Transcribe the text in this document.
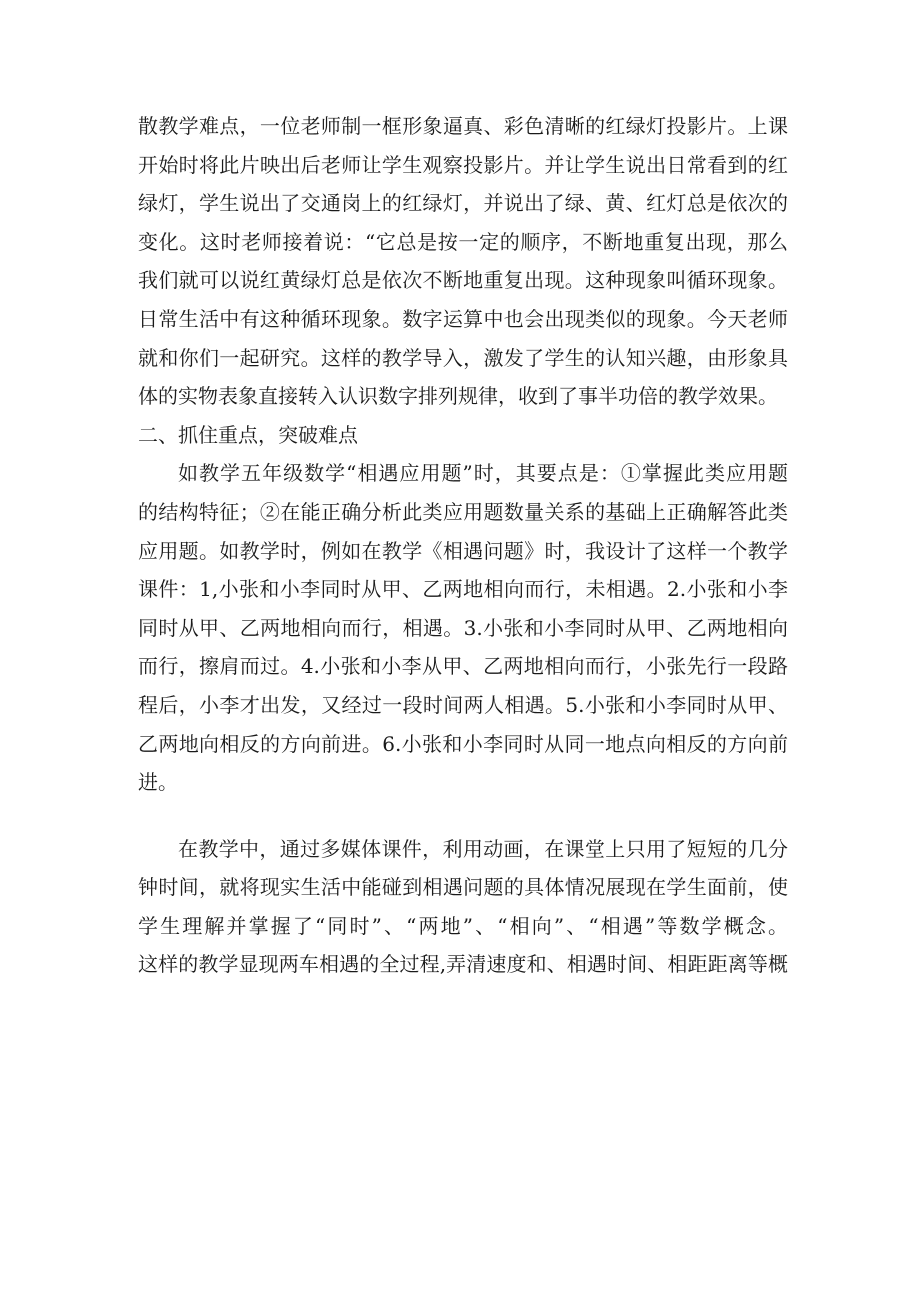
散教学难点，一位老师制一框形象逼真、彩色清晰的红绿灯投影片。上课
开始时将此片映出后老师让学生观察投影片。并让学生说出日常看到的红
绿灯，学生说出了交通岗上的红绿灯，并说出了绿、黄、红灯总是依次的
变化。这时老师接着说：“它总是按一定的顺序，不断地重复出现，那么
我们就可以说红黄绿灯总是依次不断地重复出现。这种现象叫循环现象。
日常生活中有这种循环现象。数字运算中也会出现类似的现象。今天老师
就和你们一起研究。这样的教学导入，激发了学生的认知兴趣，由形象具
体的实物表象直接转入认识数字排列规律，收到了事半功倍的教学效果。

二、抓住重点，突破难点

如教学五年级数学“相遇应用题”时，其要点是：①掌握此类应用题
的结构特征；②在能正确分析此类应用题数量关系的基础上正确解答此类
应用题。如教学时，例如在教学《相遇问题》时，我设计了这样一个教学
课件：1,小张和小李同时从甲、乙两地相向而行，未相遇。2.小张和小李
同时从甲、乙两地相向而行，相遇。3.小张和小李同时从甲、乙两地相向
而行，擦肩而过。4.小张和小李从甲、乙两地相向而行，小张先行一段路
程后，小李才出发，又经过一段时间两人相遇。5.小张和小李同时从甲、
乙两地向相反的方向前进。6.小张和小李同时从同一地点向相反的方向前
进。

在教学中，通过多媒体课件，利用动画，在课堂上只用了短短的几分
钟时间，就将现实生活中能碰到相遇问题的具体情况展现在学生面前，使
学生理解并掌握了“同时”、“两地”、“相向”、“相遇”等数学概念。
这样的教学显现两车相遇的全过程,弄清速度和、相遇时间、相距距离等概
